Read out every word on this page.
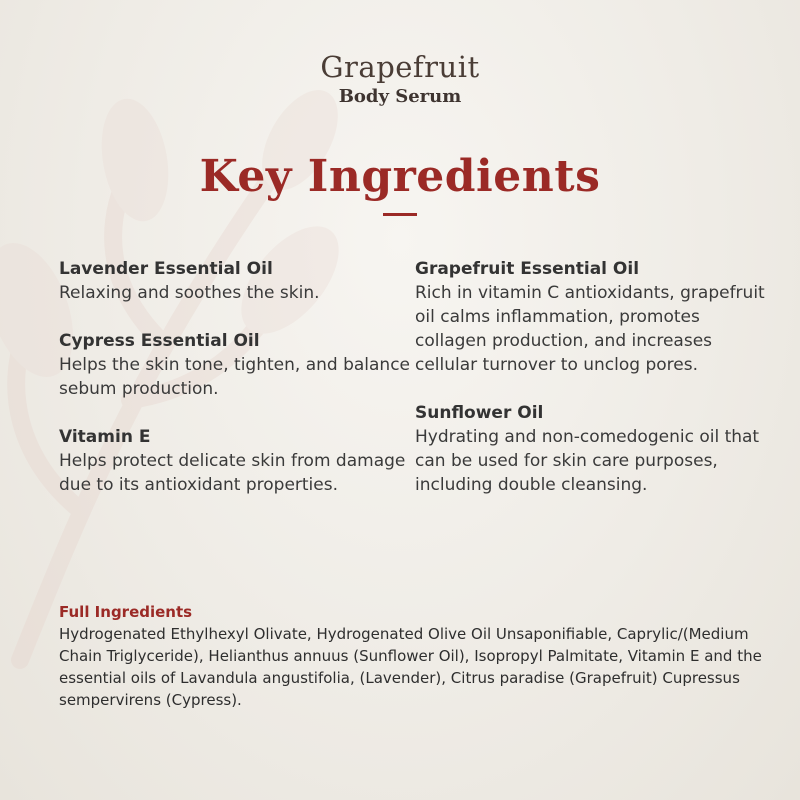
Grapefruit
Body Serum
Key Ingredients
Lavender Essential Oil
Relaxing and soothes the skin.
Cypress Essential Oil
Helps the skin tone, tighten, and balance sebum production.
Vitamin E
Helps protect delicate skin from damage due to its antioxidant properties.
Grapefruit Essential Oil
Rich in vitamin C antioxidants, grapefruit oil calms inflammation, promotes collagen production, and increases cellular turnover to unclog pores.
Sunflower Oil
Hydrating and non-comedogenic oil that can be used for skin care purposes, including double cleansing.
Full Ingredients
Hydrogenated Ethylhexyl Olivate, Hydrogenated Olive Oil Unsaponifiable, Caprylic/(Medium Chain Triglyceride), Helianthus annuus (Sunflower Oil), Isopropyl Palmitate, Vitamin E and the essential oils of Lavandula angustifolia, (Lavender), Citrus paradise (Grapefruit) Cupressus sempervirens (Cypress).
